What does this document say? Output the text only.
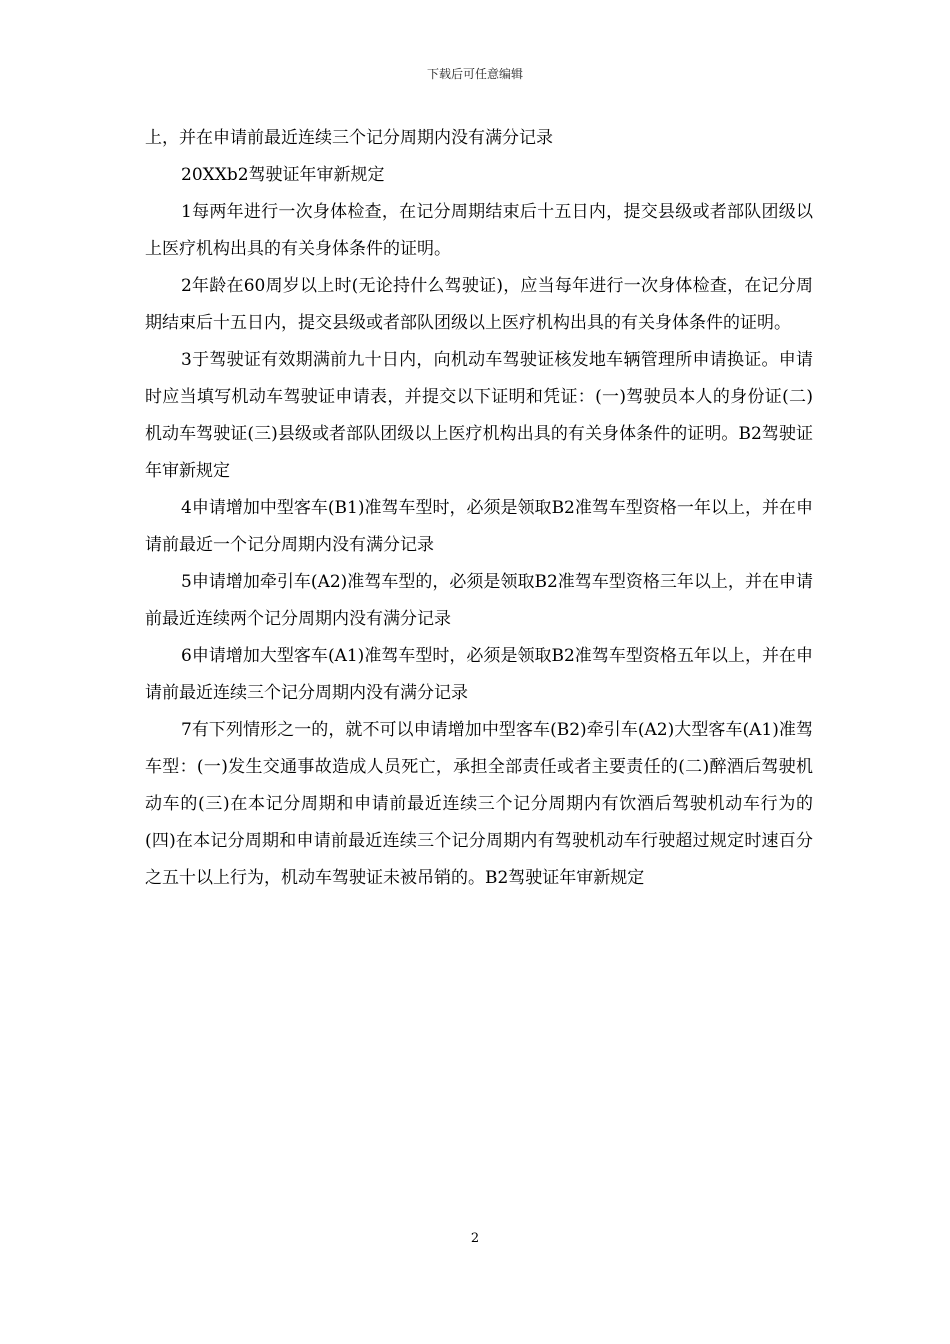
下载后可任意编辑

上，并在申请前最近连续三个记分周期内没有满分记录

20XXb2驾驶证年审新规定

1每两年进行一次身体检查，在记分周期结束后十五日内，提交县级或者部队团级以上医疗机构出具的有关身体条件的证明。

2年龄在60周岁以上时(无论持什么驾驶证)，应当每年进行一次身体检查，在记分周期结束后十五日内，提交县级或者部队团级以上医疗机构出具的有关身体条件的证明。

3于驾驶证有效期满前九十日内，向机动车驾驶证核发地车辆管理所申请换证。申请时应当填写机动车驾驶证申请表，并提交以下证明和凭证：(一)驾驶员本人的身份证(二)机动车驾驶证(三)县级或者部队团级以上医疗机构出具的有关身体条件的证明。B2驾驶证年审新规定

4申请增加中型客车(B1)准驾车型时，必须是领取B2准驾车型资格一年以上，并在申请前最近一个记分周期内没有满分记录

5申请增加牵引车(A2)准驾车型的，必须是领取B2准驾车型资格三年以上，并在申请前最近连续两个记分周期内没有满分记录

6申请增加大型客车(A1)准驾车型时，必须是领取B2准驾车型资格五年以上，并在申请前最近连续三个记分周期内没有满分记录

7有下列情形之一的，就不可以申请增加中型客车(B2)牵引车(A2)大型客车(A1)准驾车型：(一)发生交通事故造成人员死亡，承担全部责任或者主要责任的(二)醉酒后驾驶机动车的(三)在本记分周期和申请前最近连续三个记分周期内有饮酒后驾驶机动车行为的(四)在本记分周期和申请前最近连续三个记分周期内有驾驶机动车行驶超过规定时速百分之五十以上行为，机动车驾驶证未被吊销的。B2驾驶证年审新规定

2
